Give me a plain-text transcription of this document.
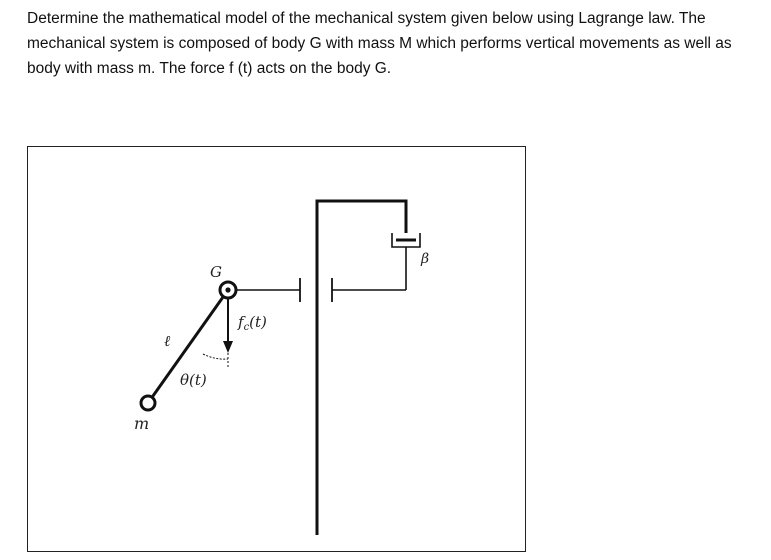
Determine the mathematical model of the mechanical system given below using Lagrange law. The mechanical system is composed of body G with mass M which performs vertical movements as well as body with mass m. The force f (t) acts on the body G.

G
ℓ
m
θ(t)
$f_c(t)$
β
